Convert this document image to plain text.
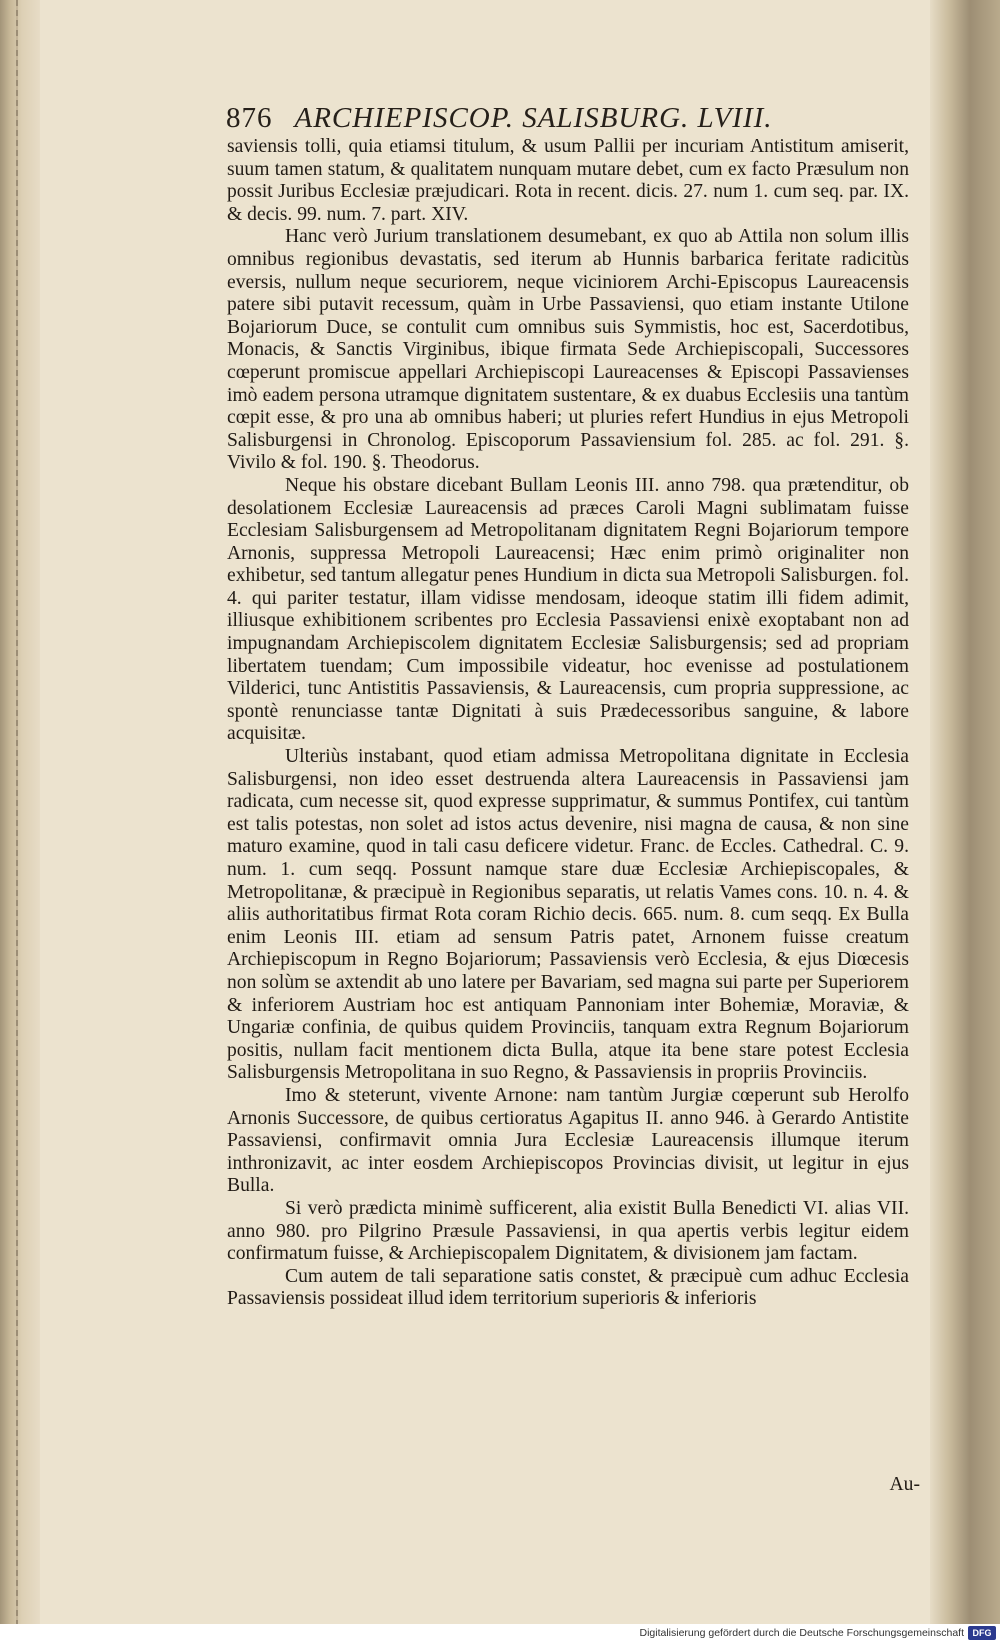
876 ARCHIEPISCOP. SALISBURG. LVIII.

saviensis tolli, quia etiamsi titulum, & usum Pallii per incuriam Antistitum amiserit, suum tamen statum, & qualitatem nunquam mutare debet, cum ex facto Præsulum non possit Juribus Ecclesiæ præjudicari. Rota in recent. dicis. 27. num 1. cum seq. par. IX. & decis. 99. num. 7. part. XIV.

Hanc verò Jurium translationem desumebant, ex quo ab Attila non solum illis omnibus regionibus devastatis, sed iterum ab Hunnis barbarica feritate radicitùs eversis, nullum neque securiorem, neque viciniorem Archi-Episcopus Laureacensis patere sibi putavit recessum, quàm in Urbe Passaviensi, quo etiam instante Utilone Bojariorum Duce, se contulit cum omnibus suis Symmistis, hoc est, Sacerdotibus, Monacis, & Sanctis Virginibus, ibique firmata Sede Archiepiscopali, Successores cœperunt promiscue appellari Archiepiscopi Laureacenses & Episcopi Passavienses imò eadem persona utramque dignitatem sustentare, & ex duabus Ecclesiis una tantùm cœpit esse, & pro una ab omnibus haberi; ut pluries refert Hundius in ejus Metropoli Salisburgensi in Chronolog. Episcoporum Passaviensium fol. 285. ac fol. 291. §. Vivilo & fol. 190. §. Theodorus.

Neque his obstare dicebant Bullam Leonis III. anno 798. qua prætenditur, ob desolationem Ecclesiæ Laureacensis ad præces Caroli Magni sublimatam fuisse Ecclesiam Salisburgensem ad Metropolitanam dignitatem Regni Bojariorum tempore Arnonis, suppressa Metropoli Laureacensi; Hæc enim primò originaliter non exhibetur, sed tantum allegatur penes Hundium in dicta sua Metropoli Salisburgen. fol. 4. qui pariter testatur, illam vidisse mendosam, ideoque statim illi fidem adimit, illiusque exhibitionem scribentes pro Ecclesia Passaviensi enixè exoptabant non ad impugnandam Archiepiscolem dignitatem Ecclesiæ Salisburgensis; sed ad propriam libertatem tuendam; Cum impossibile videatur, hoc evenisse ad postulationem Vilderici, tunc Antistitis Passaviensis, & Laureacensis, cum propria suppressione, ac spontè renunciasse tantæ Dignitati à suis Prædecessoribus sanguine, & labore acquisitæ.

Ulteriùs instabant, quod etiam admissa Metropolitana dignitate in Ecclesia Salisburgensi, non ideo esset destruenda altera Laureacensis in Passaviensi jam radicata, cum necesse sit, quod expresse supprimatur, & summus Pontifex, cui tantùm est talis potestas, non solet ad istos actus devenire, nisi magna de causa, & non sine maturo examine, quod in tali casu deficere videtur. Franc. de Eccles. Cathedral. C. 9. num. 1. cum seqq. Possunt namque stare duæ Ecclesiæ Archiepiscopales, & Metropolitanæ, & præcipuè in Regionibus separatis, ut relatis Vames cons. 10. n. 4. & aliis authoritatibus firmat Rota coram Richio decis. 665. num. 8. cum seqq. Ex Bulla enim Leonis III. etiam ad sensum Patris patet, Arnonem fuisse creatum Archiepiscopum in Regno Bojariorum; Passaviensis verò Ecclesia, & ejus Diœcesis non solùm se axtendit ab uno latere per Bavariam, sed magna sui parte per Superiorem & inferiorem Austriam hoc est antiquam Pannoniam inter Bohemiæ, Moraviæ, & Ungariæ confinia, de quibus quidem Provinciis, tanquam extra Regnum Bojariorum positis, nullam facit mentionem dicta Bulla, atque ita bene stare potest Ecclesia Salisburgensis Metropolitana in suo Regno, & Passaviensis in propriis Provinciis.

Imo & steterunt, vivente Arnone: nam tantùm Jurgiæ cœperunt sub Herolfo Arnonis Successore, de quibus certioratus Agapitus II. anno 946. à Gerardo Antistite Passaviensi, confirmavit omnia Jura Ecclesiæ Laureacensis illumque iterum inthronizavit, ac inter eosdem Archiepiscopos Provincias divisit, ut legitur in ejus Bulla.

Si verò prædicta minimè sufficerent, alia existit Bulla Benedicti VI. alias VII. anno 980. pro Pilgrino Præsule Passaviensi, in qua apertis verbis legitur eidem confirmatum fuisse, & Archiepiscopalem Dignitatem, & divisionem jam factam.

Cum autem de tali separatione satis constet, & præcipuè cum adhuc Ecclesia Passaviensis possideat illud idem territorium superioris & inferioris

Au-
Digitalisierung gefördert durch die Deutsche Forschungsgemeinschaft DFG
